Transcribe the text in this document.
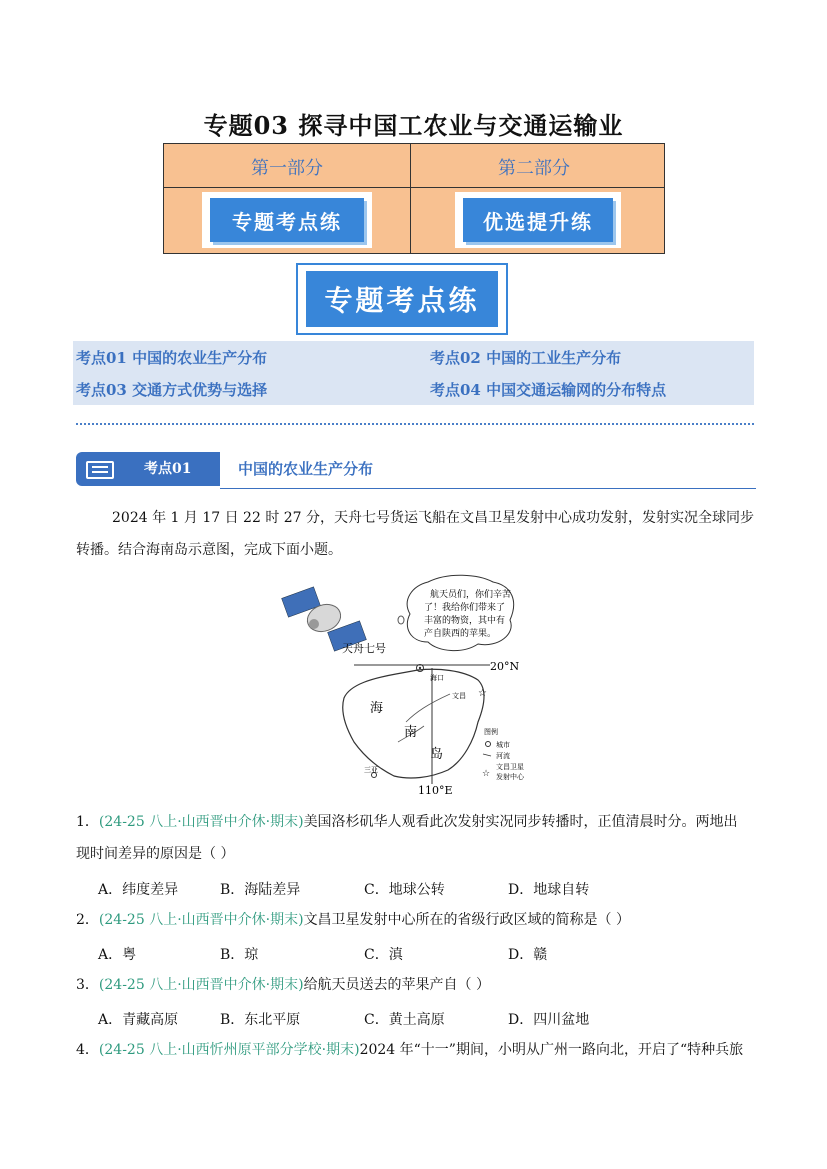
专题03 探寻中国工农业与交通运输业
第一部分	第二部分
专题考点练	优选提升练
专题考点练
考点01 中国的农业生产分布	考点02 中国的工业生产分布
考点03 交通方式优势与选择	考点04 中国交通运输网的分布特点
考点01	中国的农业生产分布
2024 年 1 月 17 日 22 时 27 分，天舟七号货运飞船在文昌卫星发射中心成功发射，发射实况全球同步
转播。结合海南岛示意图，完成下面小题。
航天员们，你们辛苦
了！我给你们带来了
丰富的物资，其中有
产自陕西的苹果。
天舟七号
20°N
110°E
海
南
岛
海口
文昌 ☆
三亚
图例
城市
河流
☆
文昌卫星
发射中心
1．(24-25 八上·山西晋中介休·期末)美国洛杉矶华人观看此次发射实况同步转播时，正值清晨时分。两地出
现时间差异的原因是（ ）
A．纬度差异	B．海陆差异	C．地球公转	D．地球自转
2．(24-25 八上·山西晋中介休·期末)文昌卫星发射中心所在的省级行政区域的简称是（ ）
A．粤	B．琼	C．滇	D．赣
3．(24-25 八上·山西晋中介休·期末)给航天员送去的苹果产自（ ）
A．青藏高原	B．东北平原	C．黄土高原	D．四川盆地
4．(24-25 八上·山西忻州原平部分学校·期末)2024 年“十一”期间，小明从广州一路向北，开启了“特种兵旅
